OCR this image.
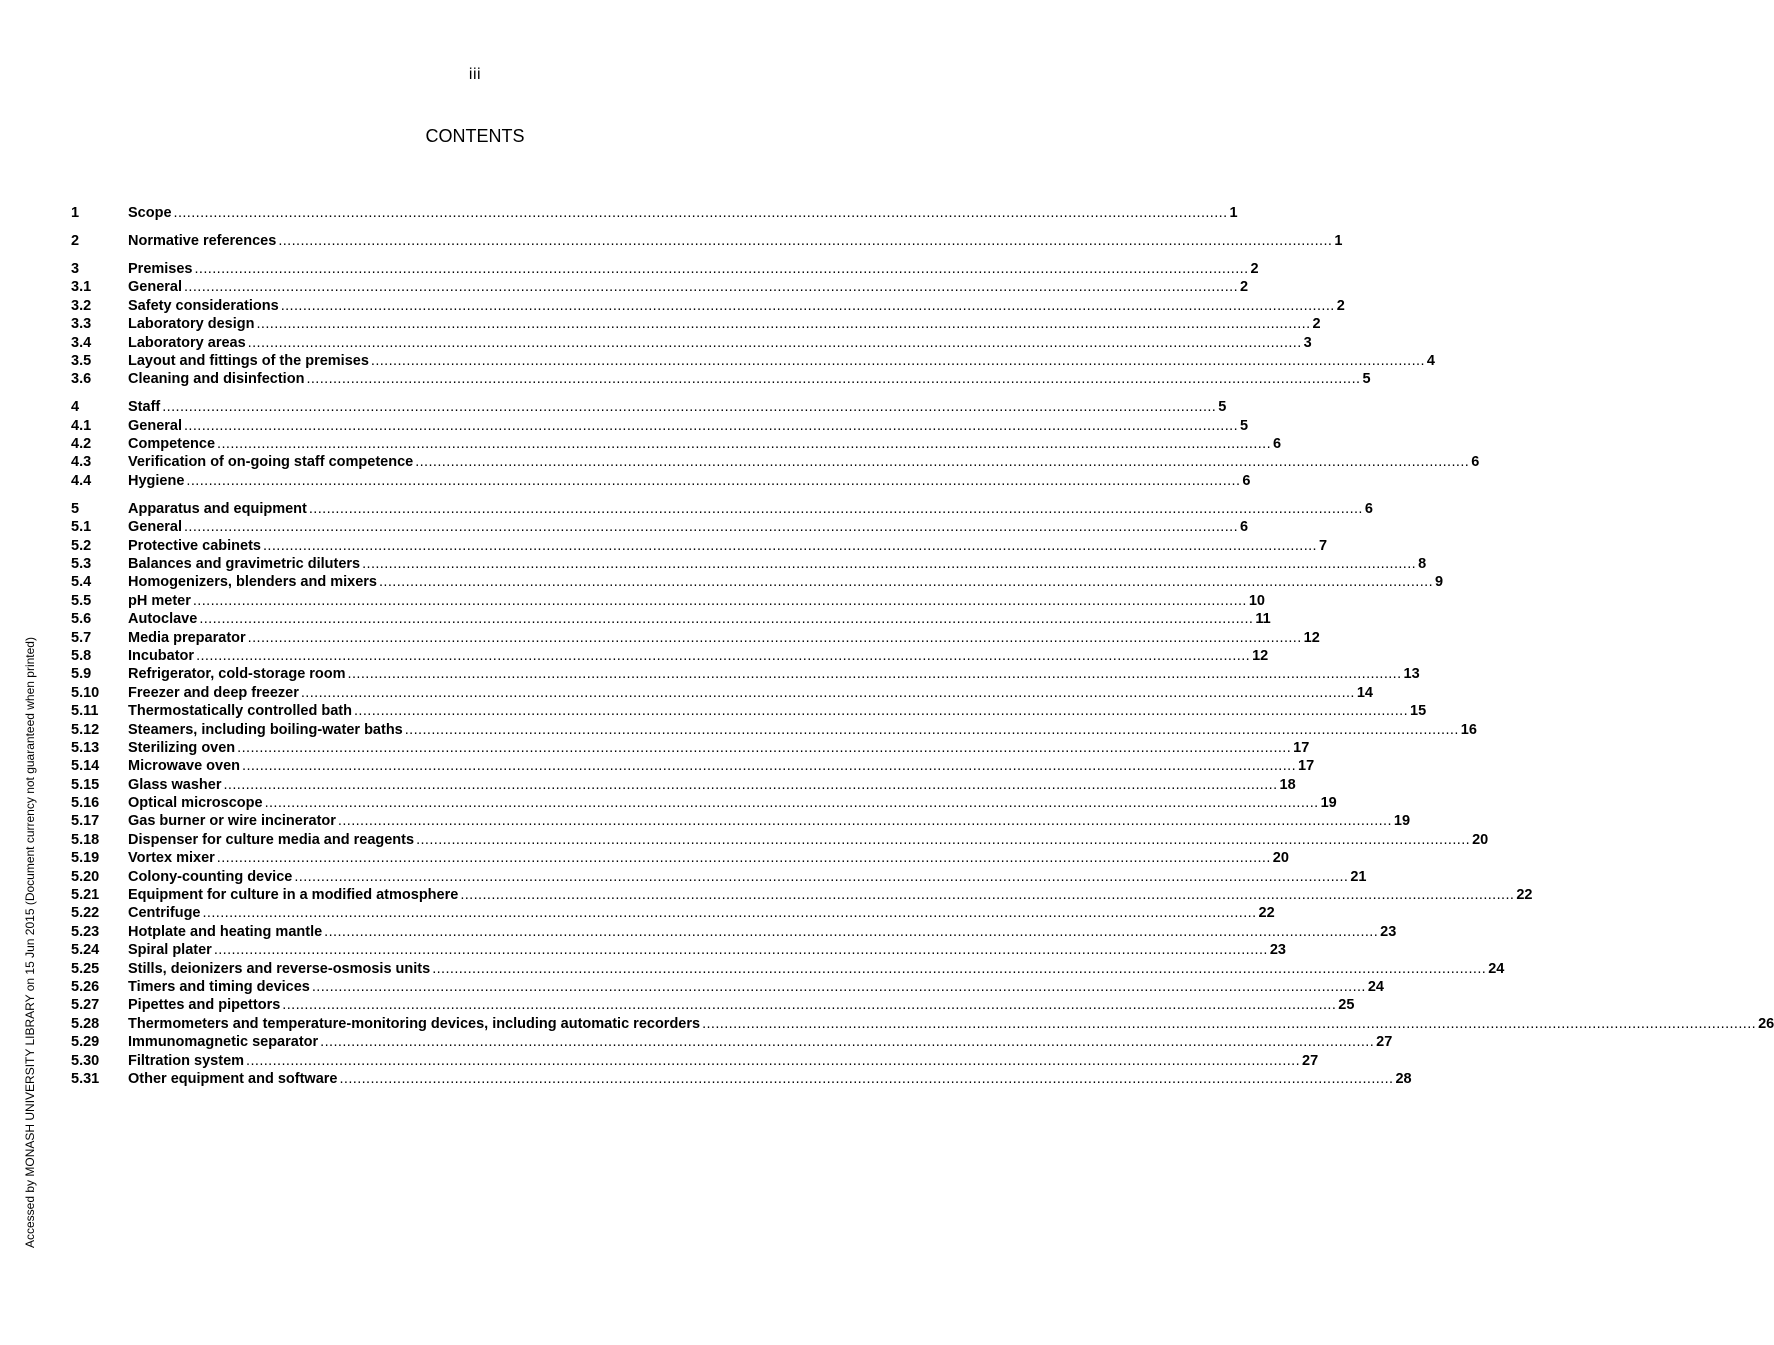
iii
CONTENTS
1	Scope .....	1
2	Normative references .....	1
3	Premises .....	2
3.1	General .....	2
3.2	Safety considerations .....	2
3.3	Laboratory design .....	2
3.4	Laboratory areas .....	3
3.5	Layout and fittings of the premises .....	4
3.6	Cleaning and disinfection .....	5
4	Staff .....	5
4.1	General .....	5
4.2	Competence .....	6
4.3	Verification of on-going staff competence .....	6
4.4	Hygiene .....	6
5	Apparatus and equipment .....	6
5.1	General .....	6
5.2	Protective cabinets .....	7
5.3	Balances and gravimetric diluters .....	8
5.4	Homogenizers, blenders and mixers .....	9
5.5	pH meter .....	10
5.6	Autoclave .....	11
5.7	Media preparator .....	12
5.8	Incubator .....	12
5.9	Refrigerator, cold-storage room .....	13
5.10	Freezer and deep freezer .....	14
5.11	Thermostatically controlled bath .....	15
5.12	Steamers, including boiling-water baths .....	16
5.13	Sterilizing oven .....	17
5.14	Microwave oven .....	17
5.15	Glass washer .....	18
5.16	Optical microscope .....	19
5.17	Gas burner or wire incinerator .....	19
5.18	Dispenser for culture media and reagents .....	20
5.19	Vortex mixer .....	20
5.20	Colony-counting device .....	21
5.21	Equipment for culture in a modified atmosphere .....	22
5.22	Centrifuge .....	22
5.23	Hotplate and heating mantle .....	23
5.24	Spiral plater .....	23
5.25	Stills, deionizers and reverse-osmosis units .....	24
5.26	Timers and timing devices .....	24
5.27	Pipettes and pipettors .....	25
5.28	Thermometers and temperature-monitoring devices, including automatic recorders .....	26
5.29	Immunomagnetic separator .....	27
5.30	Filtration system .....	27
5.31	Other equipment and software .....	28
Accessed by MONASH UNIVERSITY LIBRARY on 15 Jun 2015 (Document currency not guaranteed when printed)
